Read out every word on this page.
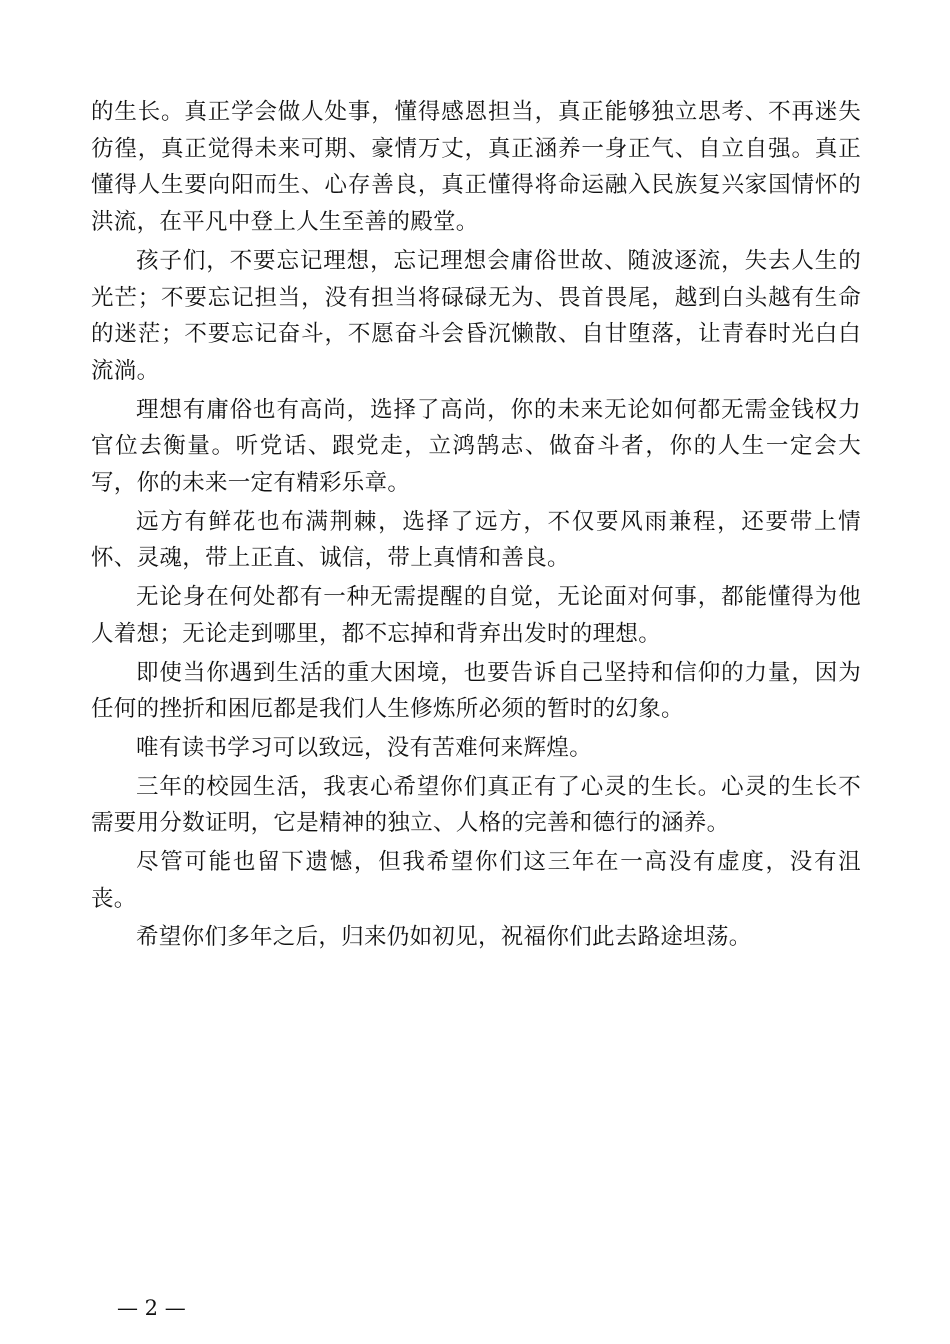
的生长。真正学会做人处事，懂得感恩担当，真正能够独立思考、不再迷失彷徨，真正觉得未来可期、豪情万丈，真正涵养一身正气、自立自强。真正懂得人生要向阳而生、心存善良，真正懂得将命运融入民族复兴家国情怀的洪流，在平凡中登上人生至善的殿堂。

孩子们，不要忘记理想，忘记理想会庸俗世故、随波逐流，失去人生的光芒；不要忘记担当，没有担当将碌碌无为、畏首畏尾，越到白头越有生命的迷茫；不要忘记奋斗，不愿奋斗会昏沉懒散、自甘堕落，让青春时光白白流淌。

理想有庸俗也有高尚，选择了高尚，你的未来无论如何都无需金钱权力官位去衡量。听党话、跟党走，立鸿鹄志、做奋斗者，你的人生一定会大写，你的未来一定有精彩乐章。

远方有鲜花也布满荆棘，选择了远方，不仅要风雨兼程，还要带上情怀、灵魂，带上正直、诚信，带上真情和善良。

无论身在何处都有一种无需提醒的自觉，无论面对何事，都能懂得为他人着想；无论走到哪里，都不忘掉和背弃出发时的理想。

即使当你遇到生活的重大困境，也要告诉自己坚持和信仰的力量，因为任何的挫折和困厄都是我们人生修炼所必须的暂时的幻象。

唯有读书学习可以致远，没有苦难何来辉煌。

三年的校园生活，我衷心希望你们真正有了心灵的生长。心灵的生长不需要用分数证明，它是精神的独立、人格的完善和德行的涵养。

尽管可能也留下遗憾，但我希望你们这三年在一高没有虚度，没有沮丧。

希望你们多年之后，归来仍如初见，祝福你们此去路途坦荡。

— 2 —
